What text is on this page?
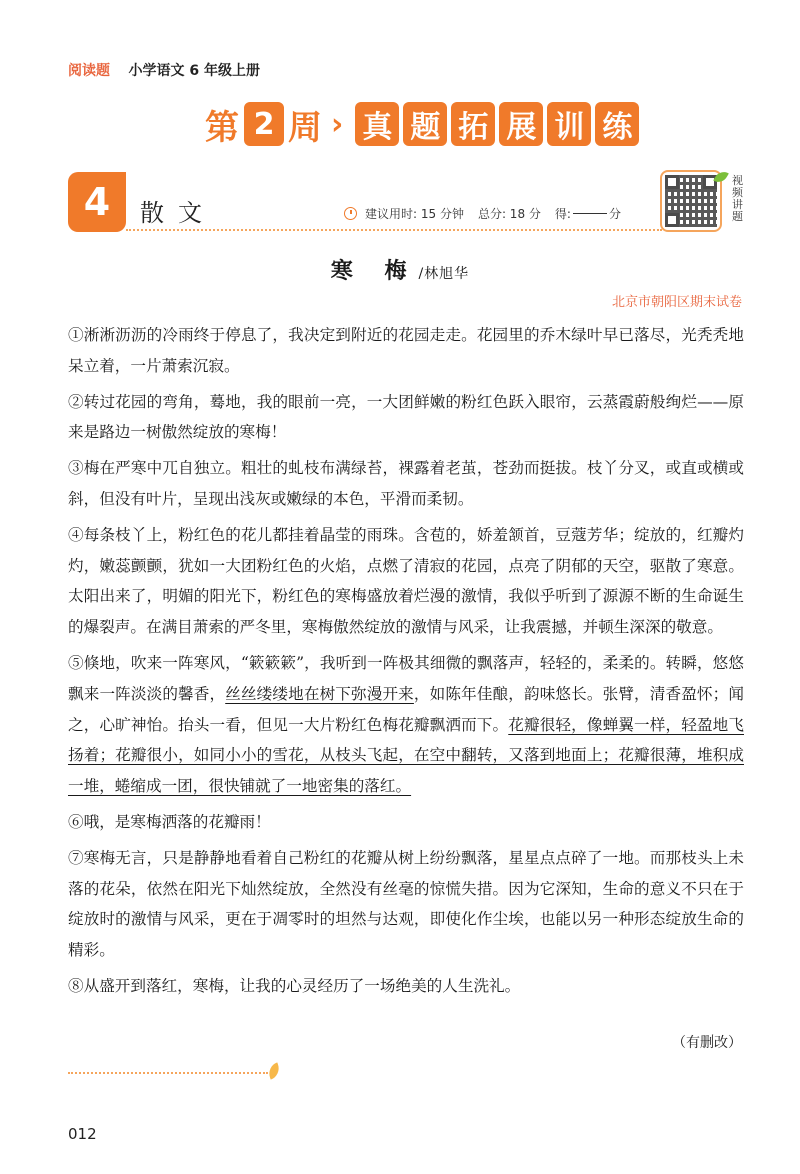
阅读题 小学语文 6 年级上册
第 2 周 › 真 题 拓 展 训 练
4	散文	建议用时: 15 分钟 总分: 18 分 得:	分
视频讲题
寒 梅/林旭华
北京市朝阳区期末试卷

①淅淅沥沥的冷雨终于停息了，我决定到附近的花园走走。花园里的乔木绿叶早已落尽，光秃秃地呆立着，一片萧索沉寂。

②转过花园的弯角，蓦地，我的眼前一亮，一大团鲜嫩的粉红色跃入眼帘，云蒸霞蔚般绚烂——原来是路边一树傲然绽放的寒梅！

③梅在严寒中兀自独立。粗壮的虬枝布满绿苔，裸露着老茧，苍劲而挺拔。枝丫分叉，或直或横或斜，但没有叶片，呈现出浅灰或嫩绿的本色，平滑而柔韧。

④每条枝丫上，粉红色的花儿都挂着晶莹的雨珠。含苞的，娇羞颔首，豆蔻芳华；绽放的，红瓣灼灼，嫩蕊颤颤，犹如一大团粉红色的火焰，点燃了清寂的花园，点亮了阴郁的天空，驱散了寒意。太阳出来了，明媚的阳光下，粉红色的寒梅盛放着烂漫的激情，我似乎听到了源源不断的生命诞生的爆裂声。在满目萧索的严冬里，寒梅傲然绽放的激情与风采，让我震撼，并顿生深深的敬意。

⑤倏地，吹来一阵寒风，“簌簌簌”，我听到一阵极其细微的飘落声，轻轻的，柔柔的。转瞬，悠悠飘来一阵淡淡的馨香，丝丝缕缕地在树下弥漫开来，如陈年佳酿，韵味悠长。张臂，清香盈怀；闻之，心旷神怡。抬头一看，但见一大片粉红色梅花瓣飘洒而下。花瓣很轻，像蝉翼一样，轻盈地飞扬着；花瓣很小，如同小小的雪花，从枝头飞起，在空中翻转，又落到地面上；花瓣很薄，堆积成一堆，蜷缩成一团，很快铺就了一地密集的落红。

⑥哦，是寒梅洒落的花瓣雨！

⑦寒梅无言，只是静静地看着自己粉红的花瓣从树上纷纷飘落，星星点点碎了一地。而那枝头上未落的花朵，依然在阳光下灿然绽放，全然没有丝毫的惊慌失措。因为它深知，生命的意义不只在于绽放时的激情与风采，更在于凋零时的坦然与达观，即使化作尘埃，也能以另一种形态绽放生命的精彩。

⑧从盛开到落红，寒梅，让我的心灵经历了一场绝美的人生洗礼。

（有删改）
012
